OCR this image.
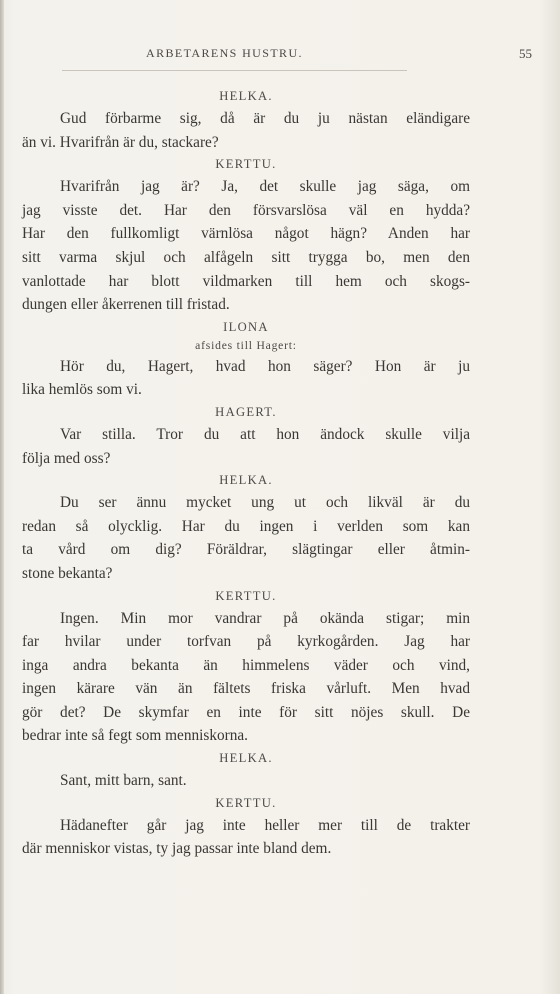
ARBETARENS HUSTRU.	55
HELKA.
Gud förbarme sig, då är du ju nästan eländigare
än vi. Hvarifrån är du, stackare?
KERTTU.
Hvarifrån jag är? Ja, det skulle jag säga, om
jag visste det. Har den försvarslösa väl en hydda?
Har den fullkomligt värnlösa något hägn? Anden har
sitt varma skjul och alfågeln sitt trygga bo, men den
vanlottade har blott vildmarken till hem och skogs-
dungen eller åkerrenen till fristad.
ILONA
afsides till Hagert:
Hör du, Hagert, hvad hon säger? Hon är ju
lika hemlös som vi.
HAGERT.
Var stilla. Tror du att hon ändock skulle vilja
följa med oss?
HELKA.
Du ser ännu mycket ung ut och likväl är du
redan så olycklig. Har du ingen i verlden som kan
ta vård om dig? Föräldrar, slägtingar eller åtmin-
stone bekanta?
KERTTU.
Ingen. Min mor vandrar på okända stigar; min
far hvilar under torfvan på kyrkogården. Jag har
inga andra bekanta än himmelens väder och vind,
ingen kärare vän än fältets friska vårluft. Men hvad
gör det? De skymfar en inte för sitt nöjes skull. De
bedrar inte så fegt som menniskorna.
HELKA.
Sant, mitt barn, sant.
KERTTU.
Hädanefter går jag inte heller mer till de trakter
där menniskor vistas, ty jag passar inte bland dem.
